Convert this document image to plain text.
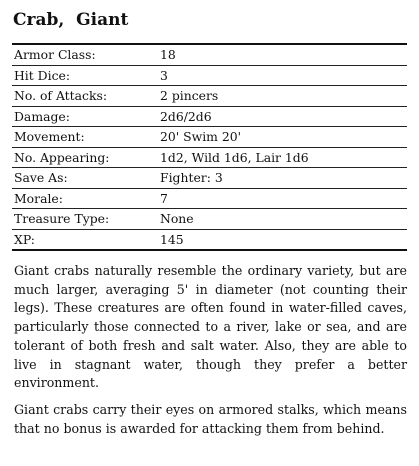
Crab,  Giant
Armor Class:	18
Hit Dice:	3
No. of Attacks:	2 pincers
Damage:	2d6/2d6
Movement:	20' Swim 20'
No. Appearing:	1d2, Wild 1d6, Lair 1d6
Save As:	Fighter: 3
Morale:	7
Treasure Type:	None
XP:	145

Giant crabs naturally resemble the ordinary variety, but are much larger, averaging 5' in diameter (not counting their legs). These creatures are often found in water-filled caves, particularly those connected to a river, lake or sea, and are tolerant of both fresh and salt water. Also, they are able to live in stagnant water, though they prefer a better environment.

Giant crabs carry their eyes on armored stalks, which means that no bonus is awarded for attacking them from behind.
